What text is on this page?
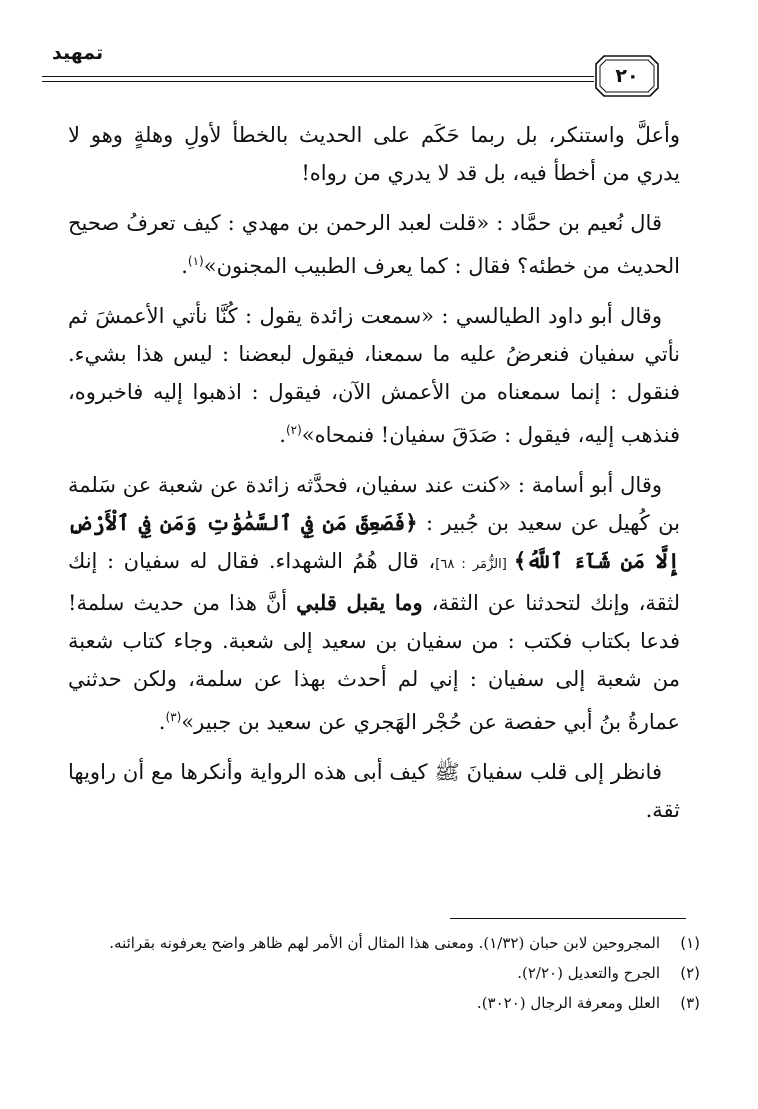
تمهيد
٢٠

وأعلَّ واستنكر، بل ربما حَكَم على الحديث بالخطأ لأولِ وهلةٍ وهو لا يدري من أخطأ فيه، بل قد لا يدري من رواه!

قال نُعيم بن حمَّاد : «قلت لعبد الرحمن بن مهدي : كيف تعرفُ صحيح الحديث من خطئه؟ فقال : كما يعرف الطبيب المجنون»$^{(١)}$.

وقال أبو داود الطيالسي : «سمعت زائدة يقول : كُنَّا نأتي الأعمشَ ثم نأتي سفيان فنعرضُ عليه ما سمعنا، فيقول لبعضنا : ليس هذا بشيء. فنقول : إنما سمعناه من الأعمش الآن، فيقول : اذهبوا إليه فاخبروه، فنذهب إليه، فيقول : صَدَقَ سفيان! فنمحاه»$^{(٢)}$.

وقال أبو أسامة : «كنت عند سفيان، فحدَّثه زائدة عن شعبة عن سَلمة بن كُهيل عن سعيد بن جُبير : ﴿فَصَعِقَ مَن فِي ٱلسَّمَٰوَٰتِ وَمَن فِي ٱلْأَرْضِ إِلَّا مَن شَآءَ ٱللَّهُ﴾ [الزُّمَر : ٦٨]، قال هُمُ الشهداء. فقال له سفيان : إنك لثقة، وإنك لتحدثنا عن الثقة، وما يقبل قلبي أنَّ هذا من حديث سلمة! فدعا بكتاب فكتب : من سفيان بن سعيد إلى شعبة. وجاء كتاب شعبة من شعبة إلى سفيان : إني لم أحدث بهذا عن سلمة، ولكن حدثني عمارةُ بنُ أبي حفصة عن حُجْر الهَجري عن سعيد بن جبير»$^{(٣)}$.

فانظر إلى قلب سفيانَ ﷺ كيف أبى هذه الرواية وأنكرها مع أن راويها ثقة.

(١)
المجروحين لابن حبان (١/٣٢). ومعنى هذا المثال أن الأمر لهم ظاهر واضح يعرفونه بقرائنه.
(٢)
الجرح والتعديل (٢/٢٠).
(٣)
العلل ومعرفة الرجال (٣٠٢٠).
